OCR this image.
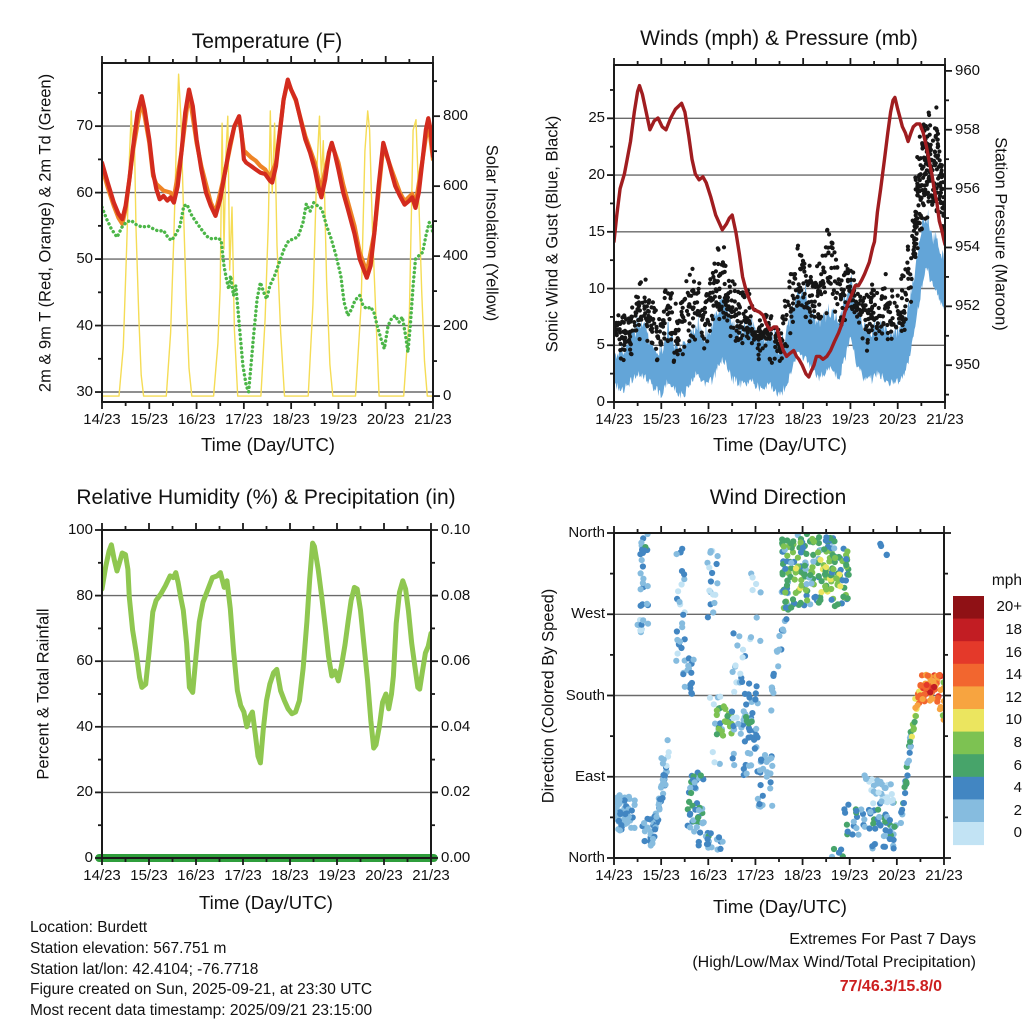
14/23 15/23 16/23 17/23 18/23 19/23 20/23 21/23
30
40
50
60
70
0
200
400
600
800
14/23 15/23 16/23 17/23 18/23 19/23 20/23 21/23
0
5
10
15
20
25
950
952
954
956
958
960
14/23 15/23 16/23 17/23 18/23 19/23 20/23 21/23
0
20
40
60
80
100
0.00
0.02
0.04
0.06
0.08
0.10
14/23 15/23 16/23 17/23 18/23 19/23 20/23 21/23
North
East
South
West
North
20+
18
16
14
12
10
8
6
4
2
0
Temperature (F)	Winds (mph) & Pressure (mb)
Relative Humidity (%) & Precipitation (in)	Wind Direction
Time (Day/UTC)	Time (Day/UTC)
Time (Day/UTC)	Time (Day/UTC)
2m & 9m T (Red, Orange) & 2m Td (Green)	Solar Insolation (Yellow)	Sonic Wind & Gust (Blue, Black)	Station Pressure (Maroon)
Percent & Total Rainfall	Direction (Colored By Speed)
mph
Location: Burdett
Station elevation: 567.751 m
Station lat/lon: 42.4104; -76.7718
Figure created on Sun, 2025-09-21, at 23:30 UTC
Most recent data timestamp: 2025/09/21 23:15:00
Extremes For Past 7 Days
(High/Low/Max Wind/Total Precipitation)
77/46.3/15.8/0
